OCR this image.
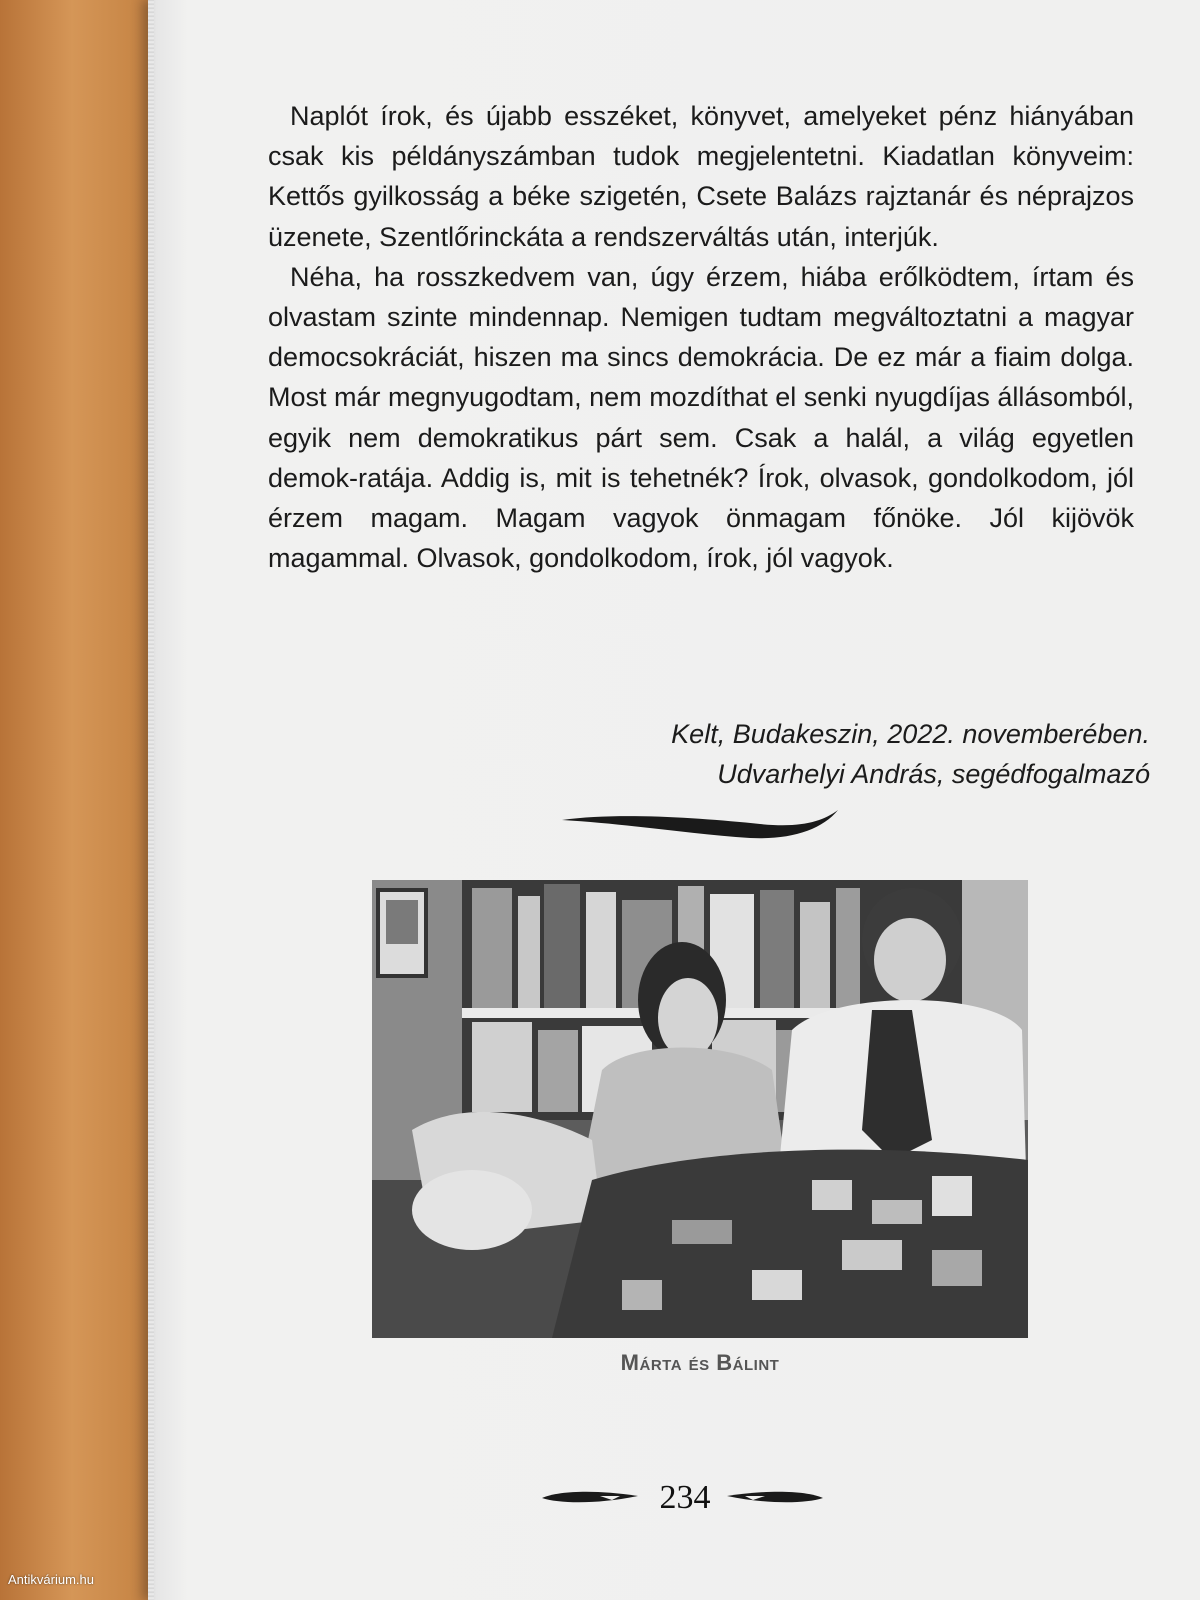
Naplót írok, és újabb esszéket, könyvet, amelyeket pénz hiányában csak kis példányszámban tudok megjelentetni. Kiadatlan könyveim: Kettős gyilkosság a béke szigetén, Csete Balázs rajztanár és néprajzos üzenete, Szentlőrinckáta a rendszerváltás után, interjúk.

Néha, ha rosszkedvem van, úgy érzem, hiába erőlködtem, írtam és olvastam szinte mindennap. Nemigen tudtam megváltoztatni a magyar democsokráciát, hiszen ma sincs demokrácia. De ez már a fiaim dolga. Most már megnyugodtam, nem mozdíthat el senki nyugdíjas állásomból, egyik nem demokratikus párt sem. Csak a halál, a világ egyetlen demok-ratája. Addig is, mit is tehetnék? Írok, olvasok, gondolkodom, jól érzem magam. Magam vagyok önmagam főnöke. Jól kijövök magammal. Olvasok, gondolkodom, írok, jól vagyok.

Kelt, Budakeszin, 2022. novemberében.
Udvarhelyi András, segédfogalmazó
Márta és Bálint
234
Antikvárium.hu
